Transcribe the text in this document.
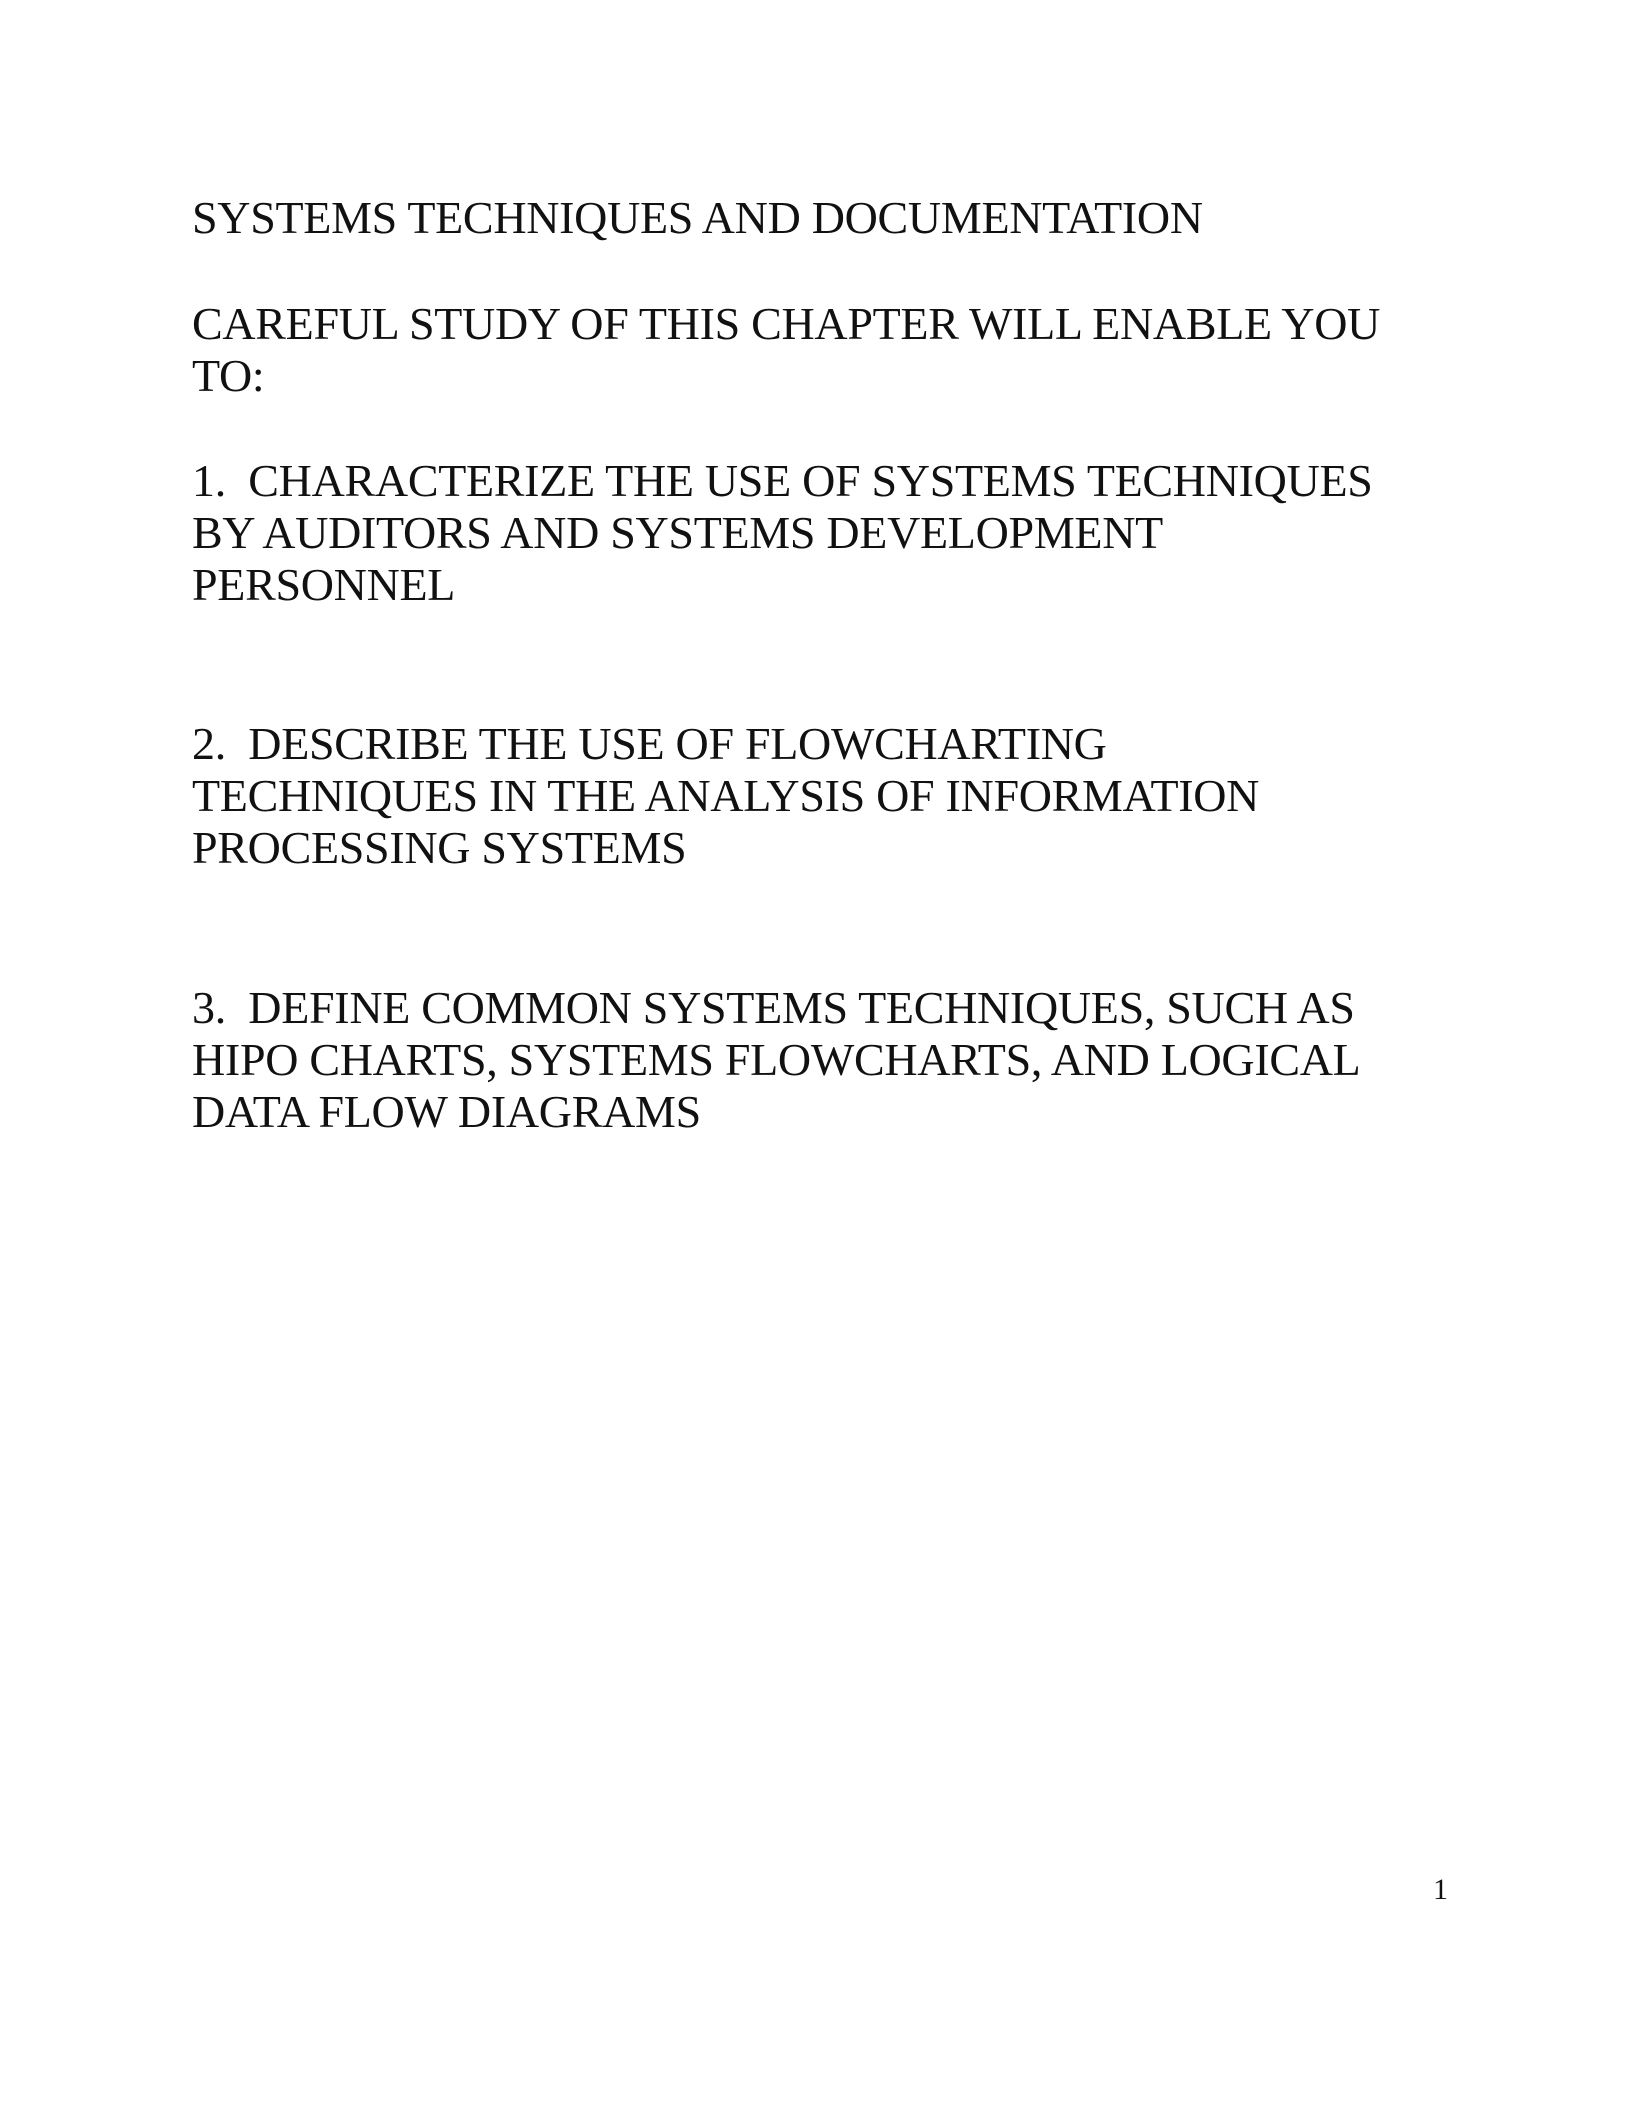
SYSTEMS TECHNIQUES AND DOCUMENTATION

CAREFUL STUDY OF THIS CHAPTER WILL ENABLE YOU
TO:

1.  CHARACTERIZE THE USE OF SYSTEMS TECHNIQUES
BY AUDITORS AND SYSTEMS DEVELOPMENT
PERSONNEL

2.  DESCRIBE THE USE OF FLOWCHARTING
TECHNIQUES IN THE ANALYSIS OF INFORMATION
PROCESSING SYSTEMS

3.  DEFINE COMMON SYSTEMS TECHNIQUES, SUCH AS
HIPO CHARTS, SYSTEMS FLOWCHARTS, AND LOGICAL
DATA FLOW DIAGRAMS

1
